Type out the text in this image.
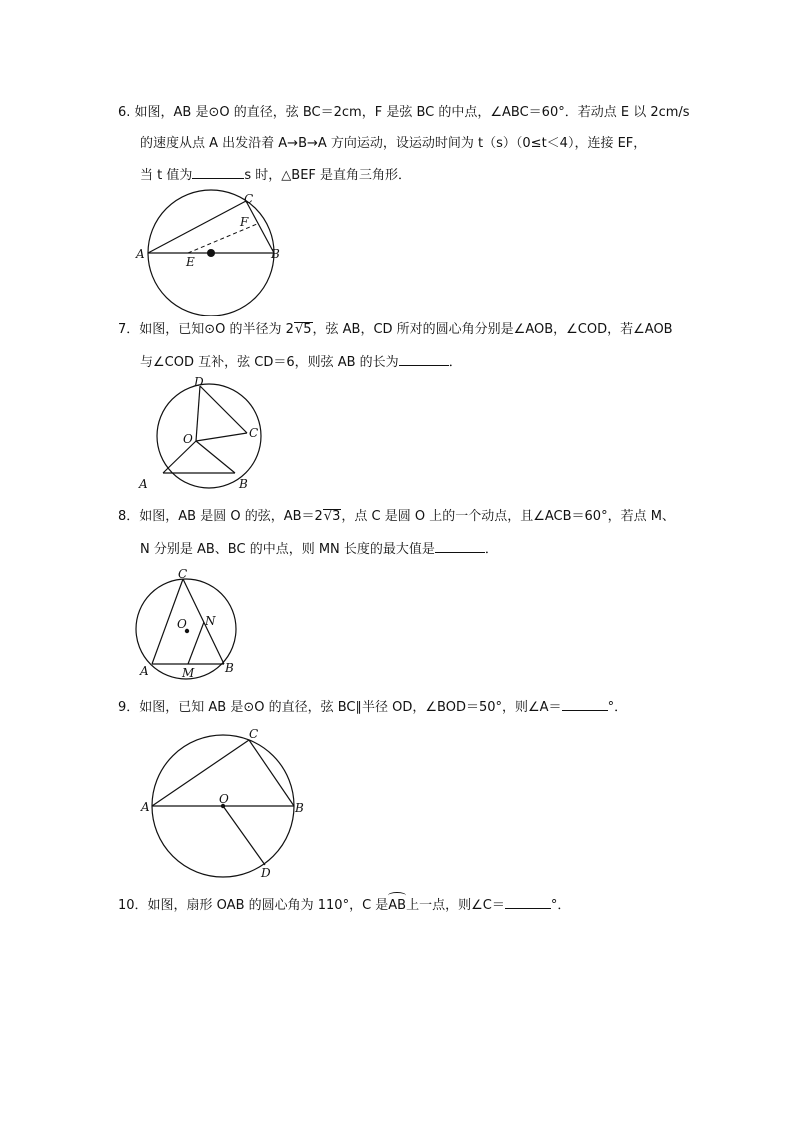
6. 如图，AB 是⊙O 的直径，弦 BC＝2cm，F 是弦 BC 的中点，∠ABC＝60°．若动点 E 以 2cm/s
的速度从点 A 出发沿着 A→B→A 方向运动，设运动时间为 t（s）（0≤t＜4），连接 EF，
当 t 值为	s 时，△BEF 是直角三角形．
A	B
C
F
E
7．如图，已知⊙O 的半径为 2√5，弦 AB，CD 所对的圆心角分别是∠AOB，∠COD，若∠AOB
与∠COD 互补，弦 CD＝6，则弦 AB 的长为	．
D
C
O
A	B
8．如图，AB 是圆 O 的弦，AB＝2√3，点 C 是圆 O 上的一个动点，且∠ACB＝60°，若点 M、
N 分别是 AB、BC 的中点，则 MN 长度的最大值是	．
C
O N
A	M	B
9．如图，已知 AB 是⊙O 的直径，弦 BC∥半径 OD，∠BOD＝50°，则∠A＝	°．
C
A
O
B
D
10．如图，扇形 OAB 的圆心角为 110°，C 是AB上一点，则∠C＝	°．
